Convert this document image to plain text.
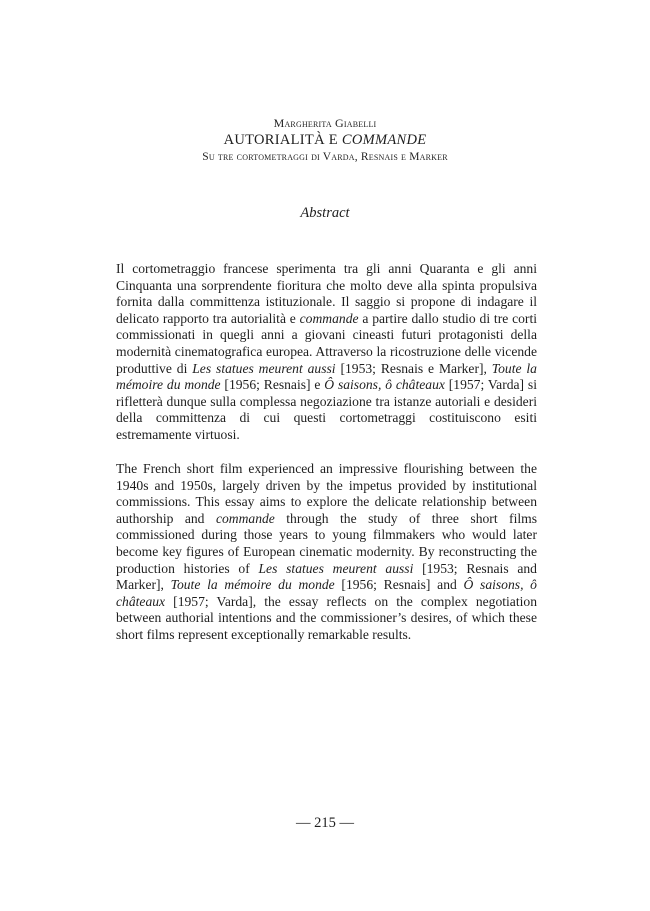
Margherita Giabelli
AUTORIALITÀ E COMMANDE
Su tre cortometraggi di Varda, Resnais e Marker
Abstract

Il cortometraggio francese sperimenta tra gli anni Quaranta e gli anni Cinquanta una sorprendente fioritura che molto deve alla spinta propulsiva fornita dalla committenza istituzionale. Il saggio si propone di indagare il delicato rapporto tra autorialità e commande a partire dallo studio di tre corti commissionati in quegli anni a giovani cineasti futuri protagonisti della modernità cinematografica europea. Attraverso la ricostruzione delle vicende produttive di Les statues meurent aussi [1953; Resnais e Marker], Toute la mémoire du monde [1956; Resnais] e Ô saisons, ô châteaux [1957; Varda] si rifletterà dunque sulla complessa negoziazione tra istanze autoriali e desideri della committenza di cui questi cortometraggi costituiscono esiti estremamente virtuosi.

The French short film experienced an impressive flourishing between the 1940s and 1950s, largely driven by the impetus provided by institutional commissions. This essay aims to explore the delicate relationship between authorship and commande through the study of three short films commissioned during those years to young filmmakers who would later become key figures of European cinematic modernity. By reconstructing the production histories of Les statues meurent aussi [1953; Resnais and Marker], Toute la mémoire du monde [1956; Resnais] and Ô saisons, ô châteaux [1957; Varda], the essay reflects on the complex negotiation between authorial intentions and the commissioner’s desires, of which these short films represent exceptionally remarkable results.

— 215 —
